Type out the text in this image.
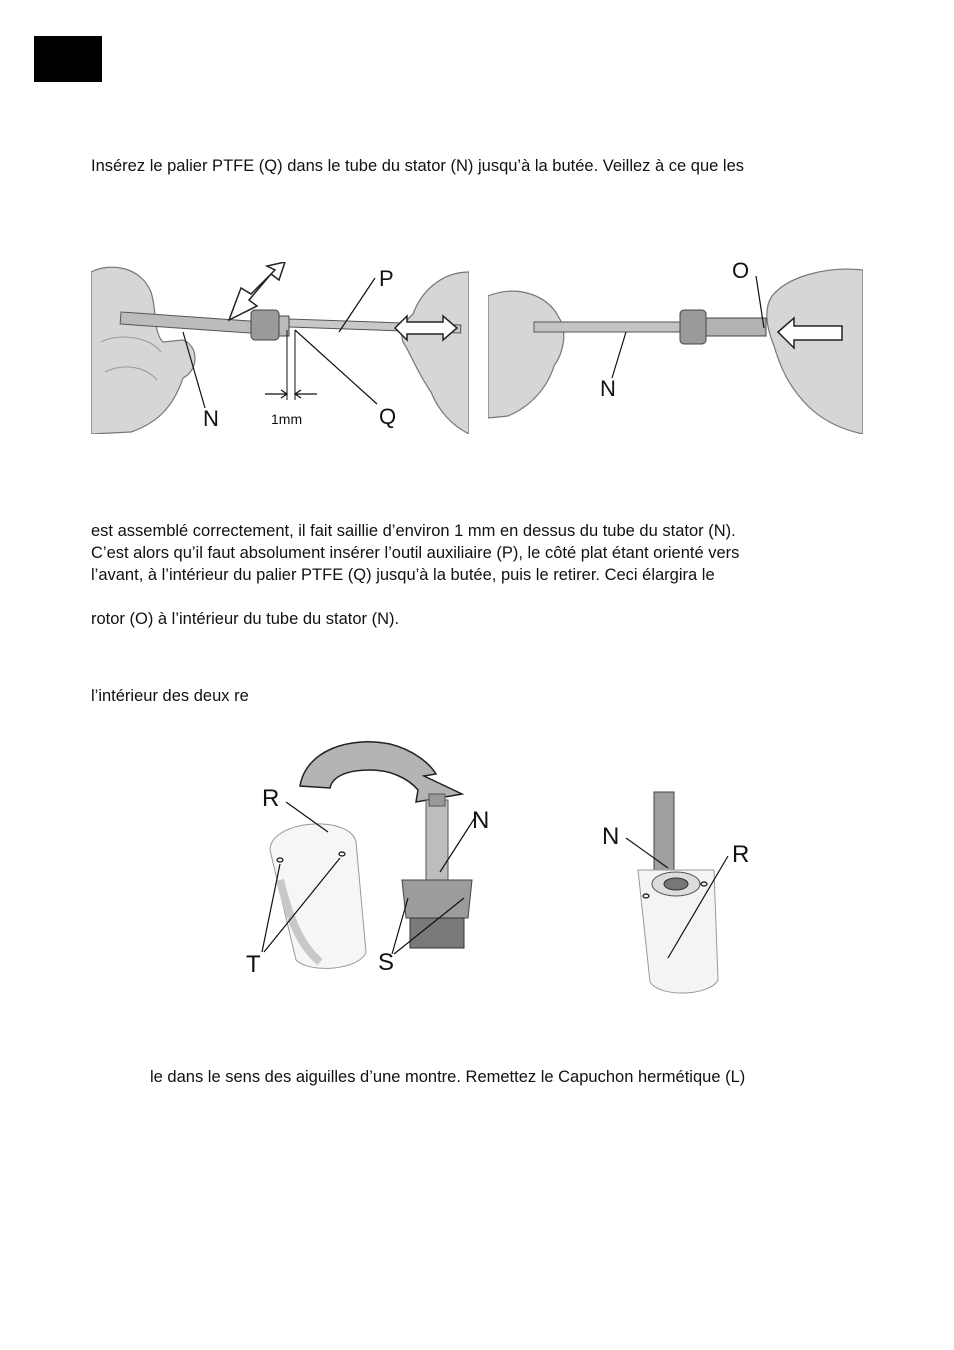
Insérez le palier PTFE (Q) dans le tube du stator (N) jusqu’à la butée. Veillez à ce que les
P
N	Q
1mm
O
N
est assemblé correctement, il fait saillie d’environ 1 mm en dessus du tube du stator (N).
C’est alors qu’il faut absolument insérer l’outil auxiliaire (P), le côté plat étant orienté vers
l’avant, à l’intérieur du palier PTFE (Q) jusqu’à la butée, puis le retirer. Ceci élargira le
rotor (O) à l’intérieur du tube du stator (N).
l’intérieur des deux re
R
N
T	S
N
R
le dans le sens des aiguilles d’une montre. Remettez le Capuchon hermétique (L)
